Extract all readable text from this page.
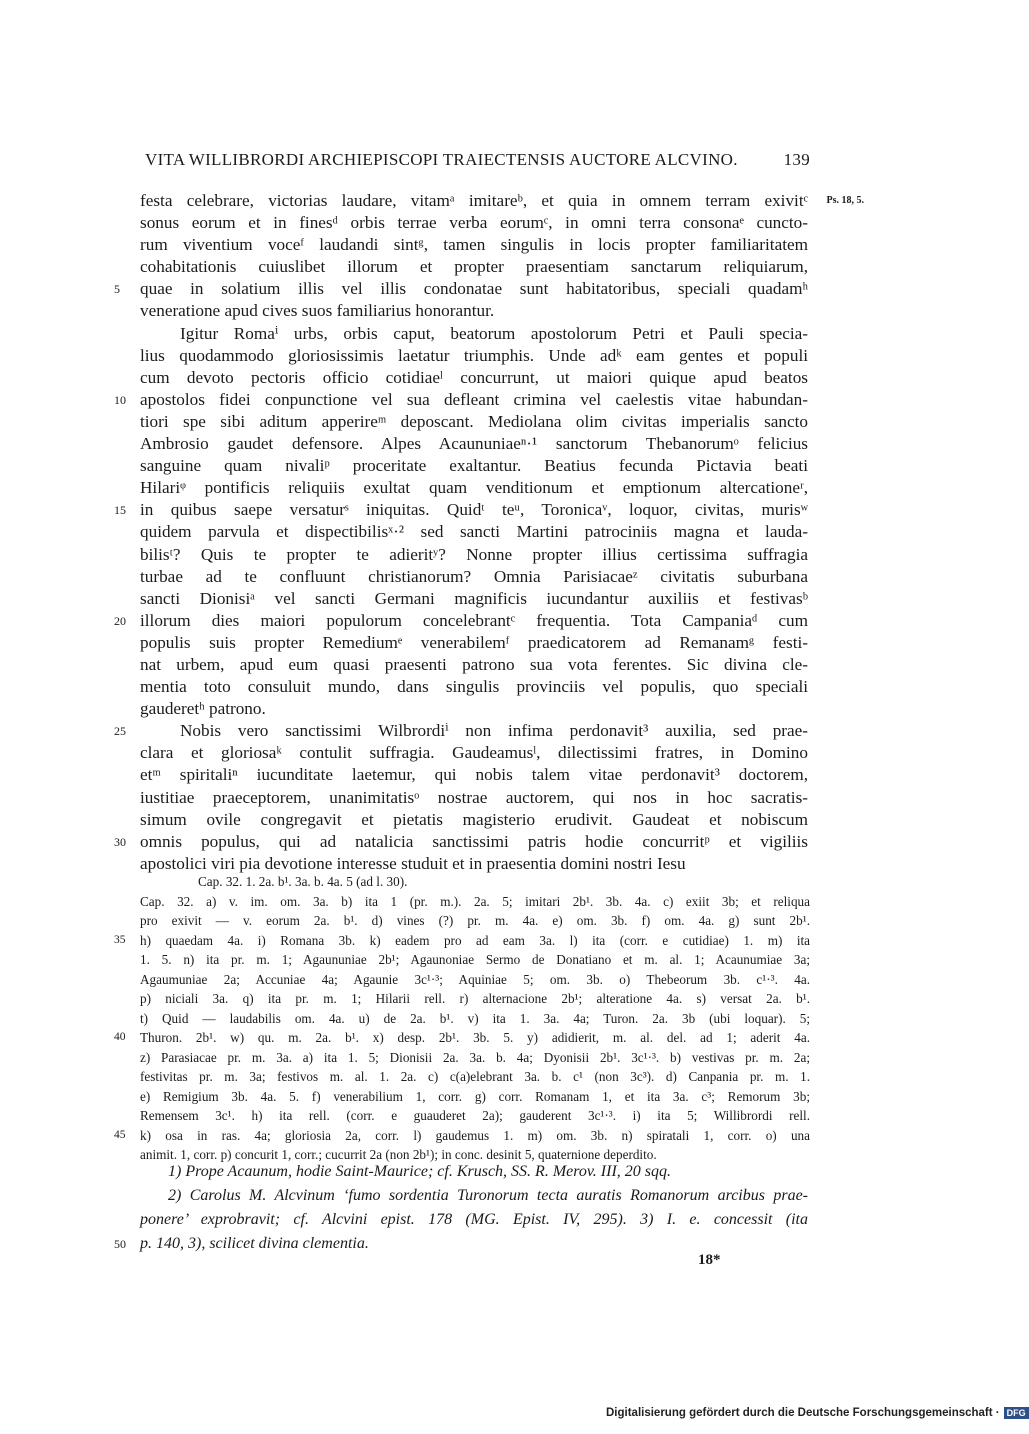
VITA WILLIBRORDI ARCHIEPISCOPI TRAIECTENSIS AUCTORE ALCVINO.	139
festa celebrare, victorias laudare, vitamᵃ imitareᵇ, et quia in omnem terram exivitᶜ Ps. 18, 5.
sonus eorum et in finesᵈ orbis terrae verba eorumᶜ, in omni terra consonaᵉ cuncto-
rum viventium voceᶠ laudandi sintᵍ, tamen singulis in locis propter familiaritatem
cohabitationis cuiuslibet illorum et propter praesentiam sanctarum reliquiarum,
5	quae in solatium illis vel illis condonatae sunt habitatoribus, speciali quadamʰ
veneratione apud cives suos familiarius honorantur.
Igitur Romaⁱ urbs, orbis caput, beatorum apostolorum Petri et Pauli specia-
lius quodammodo gloriosissimis laetatur triumphis. Unde adᵏ eam gentes et populi
cum devoto pectoris officio cotidiaeˡ concurrunt, ut maiori quique apud beatos
10 apostolos fidei conpunctione vel sua defleant crimina vel caelestis vitae habundan-
tiori spe sibi aditum apperireᵐ deposcant. Mediolana olim civitas imperialis sancto
Ambrosio gaudet defensore. Alpes Acaununiaeⁿ·¹ sanctorum Thebanorumᵒ felicius
sanguine quam nivaliᵖ proceritate exaltantur. Beatius fecunda Pictavia beati
Hilariᵠ pontificis reliquiis exultat quam venditionum et emptionum altercationeʳ,
15 in quibus saepe versaturˢ iniquitas. Quidᵗ teᵘ, Toronicaᵛ, loquor, civitas, murisʷ
quidem parvula et dispectibilisˣ·² sed sancti Martini patrociniis magna et lauda-
bilisᵗ? Quis te propter te adieritʸ? Nonne propter illius certissima suffragia
turbae ad te confluunt christianorum? Omnia Parisiacaeᶻ civitatis suburbana
sancti Dionisiᵃ vel sancti Germani magnificis iucundantur auxiliis et festivasᵇ
20 illorum dies maiori populorum concelebrantᶜ frequentia. Tota Campaniaᵈ cum
populis suis propter Remediumᵉ venerabilemᶠ praedicatorem ad Remanamᵍ festi-
nat urbem, apud eum quasi praesenti patrono sua vota ferentes. Sic divina cle-
mentia toto consuluit mundo, dans singulis provinciis vel populis, quo speciali
gauderetʰ patrono.
25	Nobis vero sanctissimi Wilbrordiⁱ non infima perdonavit³ auxilia, sed prae-
clara et gloriosaᵏ contulit suffragia. Gaudeamusˡ, dilectissimi fratres, in Domino
etᵐ spiritaliⁿ iucunditate laetemur, qui nobis talem vitae perdonavit³ doctorem,
iustitiae praeceptorem, unanimitatisᵒ nostrae auctorem, qui nos in hoc sacratis-
simum ovile congregavit et pietatis magisterio erudivit. Gaudeat et nobiscum
30 omnis populus, qui ad natalicia sanctissimi patris hodie concurritᵖ et vigiliis
apostolici viri pia devotione interesse studuit et in praesentia domini nostri Iesu
Cap. 32. 1. 2a. b¹. 3a. b. 4a. 5 (ad l. 30).
Cap. 32. a) v. im. om. 3a. b) ita 1 (pr. m.). 2a. 5; imitari 2b¹. 3b. 4a. c) exiit 3b; et reliqua
pro exivit — v. eorum 2a. b¹. d) vines (?) pr. m. 4a. e) om. 3b. f) om. 4a. g) sunt 2b¹.
35	h) quaedam 4a. i) Romana 3b. k) eadem pro ad eam 3a. l) ita (corr. e cutidiae) 1. m) ita
1. 5. n) ita pr. m. 1; Agaununiae 2b¹; Agaunoniae Sermo de Donatiano et m. al. 1; Acaunumiae 3a;
Agaumuniae 2a; Accuniae 4a; Agaunie 3c¹·³; Aquiniae 5; om. 3b. o) Thebeorum 3b. c¹·³. 4a.
p) niciali 3a. q) ita pr. m. 1; Hilarii rell. r) alternacione 2b¹; alteratione 4a. s) versat 2a. b¹.
t) Quid — laudabilis om. 4a. u) de 2a. b¹. v) ita 1. 3a. 4a; Turon. 2a. 3b (ubi loquar). 5;
40	Thuron. 2b¹. w) qu. m. 2a. b¹. x) desp. 2b¹. 3b. 5. y) adidierit, m. al. del. ad 1; aderit 4a.
z) Parasiacae pr. m. 3a. a) ita 1. 5; Dionisii 2a. 3a. b. 4a; Dyonisii 2b¹. 3c¹·³. b) vestivas pr. m. 2a;
festivitas pr. m. 3a; festivos m. al. 1. 2a. c) c(a)elebrant 3a. b. c¹ (non 3c³). d) Canpania pr. m. 1.
e) Remigium 3b. 4a. 5. f) venerabilium 1, corr. g) corr. Romanam 1, et ita 3a. c³; Remorum 3b;
Remensem 3c¹. h) ita rell. (corr. e guauderet 2a); gauderent 3c¹·³. i) ita 5; Willibrordi rell.
45	k) osa in ras. 4a; gloriosia 2a, corr. l) gaudemus 1. m) om. 3b. n) spiratali 1, corr. o) una
animit. 1, corr. p) concurit 1, corr.; cucurrit 2a (non 2b¹); in conc. desinit 5, quaternione deperdito.
1) Prope Acaunum, hodie Saint-Maurice; cf. Krusch, SS. R. Merov. III, 20 sqq.
2) Carolus M. Alcvinum ‘fumo sordentia Turonorum tecta auratis Romanorum arcibus prae-
ponere’ exprobravit; cf. Alcvini epist. 178 (MG. Epist. IV, 295). 3) I. e. concessit (ita
50 p. 140, 3), scilicet divina clementia.
18*
Digitalisierung gefördert durch die Deutsche Forschungsgemeinschaft · DFG
